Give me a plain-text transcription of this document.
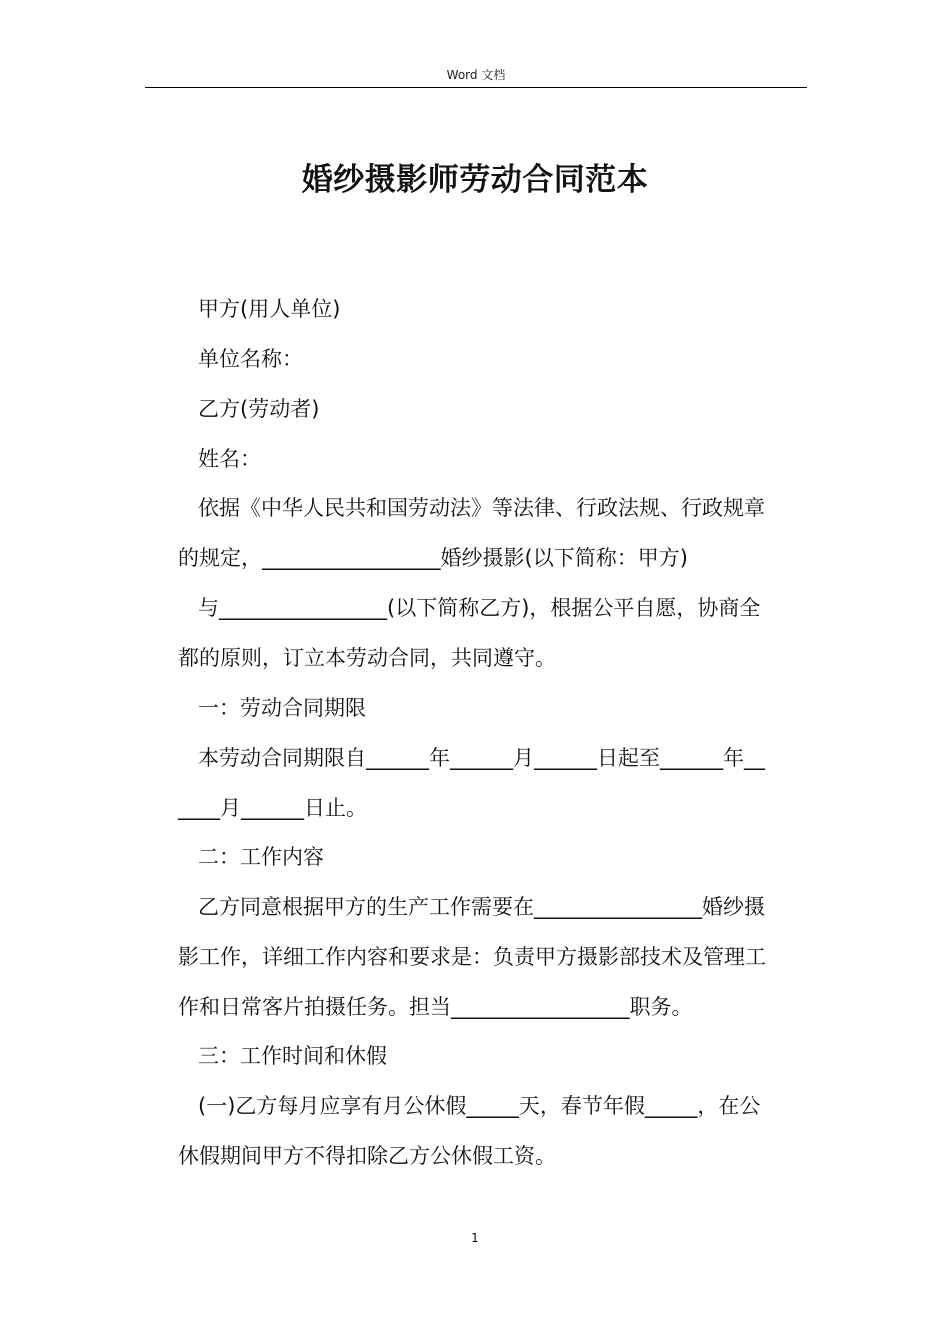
Word 文档
婚纱摄影师劳动合同范本
甲方(用人单位)
单位名称：
乙方(劳动者)
姓名：
依据《中华人民共和国劳动法》等法律、行政法规、行政规章
的规定，_________________婚纱摄影(以下简称：甲方)
与________________(以下简称乙方)，根据公平自愿，协商全
都的原则，订立本劳动合同，共同遵守。
一：劳动合同期限
本劳动合同期限自______年______月______日起至______年__
____月______日止。
二：工作内容
乙方同意根据甲方的生产工作需要在________________婚纱摄
影工作，详细工作内容和要求是：负责甲方摄影部技术及管理工
作和日常客片拍摄任务。担当_________________职务。
三：工作时间和休假
(一)乙方每月应享有月公休假_____天，春节年假_____，在公
休假期间甲方不得扣除乙方公休假工资。
1
